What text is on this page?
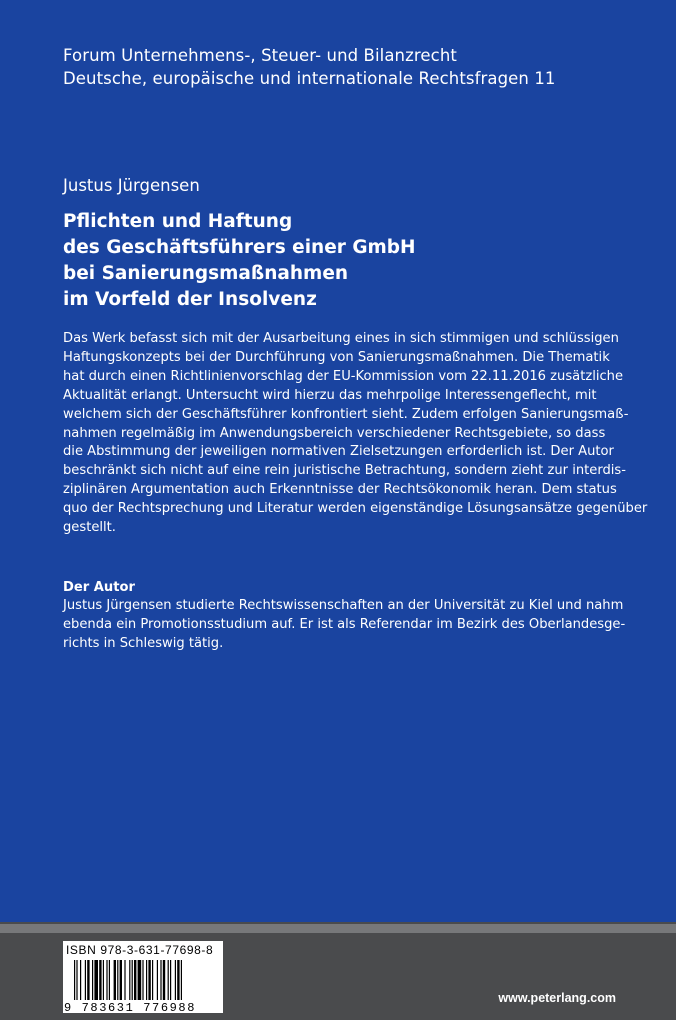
Forum Unternehmens-, Steuer- und Bilanzrecht
Deutsche, europäische und internationale Rechtsfragen 11
Justus Jürgensen
Pflichten und Haftung
des Geschäftsführers einer GmbH
bei Sanierungsmaßnahmen
im Vorfeld der Insolvenz
Das Werk befasst sich mit der Ausarbeitung eines in sich stimmigen und schlüssigen
Haftungskonzepts bei der Durchführung von Sanierungsmaßnahmen. Die Thematik
hat durch einen Richtlinienvorschlag der EU-Kommission vom 22.11.2016 zusätzliche
Aktualität erlangt. Untersucht wird hierzu das mehrpolige Interessengeflecht, mit
welchem sich der Geschäftsführer konfrontiert sieht. Zudem erfolgen Sanierungsmaß-
nahmen regelmäßig im Anwendungsbereich verschiedener Rechtsgebiete, so dass
die Abstimmung der jeweiligen normativen Zielsetzungen erforderlich ist. Der Autor
beschränkt sich nicht auf eine rein juristische Betrachtung, sondern zieht zur interdis-
ziplinären Argumentation auch Erkenntnisse der Rechtsökonomik heran. Dem status
quo der Rechtsprechung und Literatur werden eigenständige Lösungsansätze gegenüber
gestellt.
Der Autor
Justus Jürgensen studierte Rechtswissenschaften an der Universität zu Kiel und nahm
ebenda ein Promotionsstudium auf. Er ist als Referendar im Bezirk des Oberlandesge-
richts in Schleswig tätig.
ISBN 978-3-631-77698-8
9 783631 776988
www.peterlang.com
